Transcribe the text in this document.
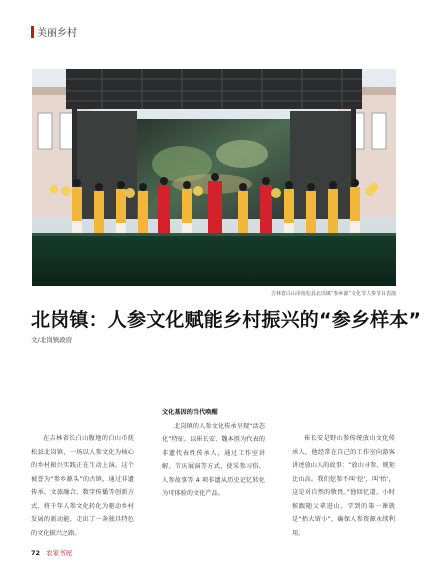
美丽乡村
吉林省白山市抚松县北岗镇“参乡源”文化节人参节目表演
北岗镇：人参文化赋能乡村振兴的“参乡样本”
文/北岗镇政府

在吉林省长白山腹地的白山市抚松县北岗镇，一场以人参文化为核心的乡村振兴实践正在生动上演。这个被誉为“参乡源头”的古镇，通过非遗传承、文旅融合、数字传播等创新方式，将千年人参文化转化为驱动乡村发展的新动能，走出了一条独具特色的文化振兴之路。

文化基因的当代唤醒

北岗镇的人参文化传承呈现“活态化”特征。以崔长安、魏本胜为代表的非遗代表性传承人，通过工作室讲解、节庆展演等方式，使采参习俗、人参故事等 4 项非遗从历史记忆转化为可体验的文化产品。

崔长安是野山参传统放山文化传承人，他经常在自己的工作室向游客讲述放山人的故事：“放山寻参，规矩比山高。我们挖参不叫‘挖’，叫‘抬’，这是对自然的敬畏。”他回忆道，小时候跟随父辈进山，学到的第一课就是“抬大留小”，确保人参资源永续利用。

72 农家书屋
